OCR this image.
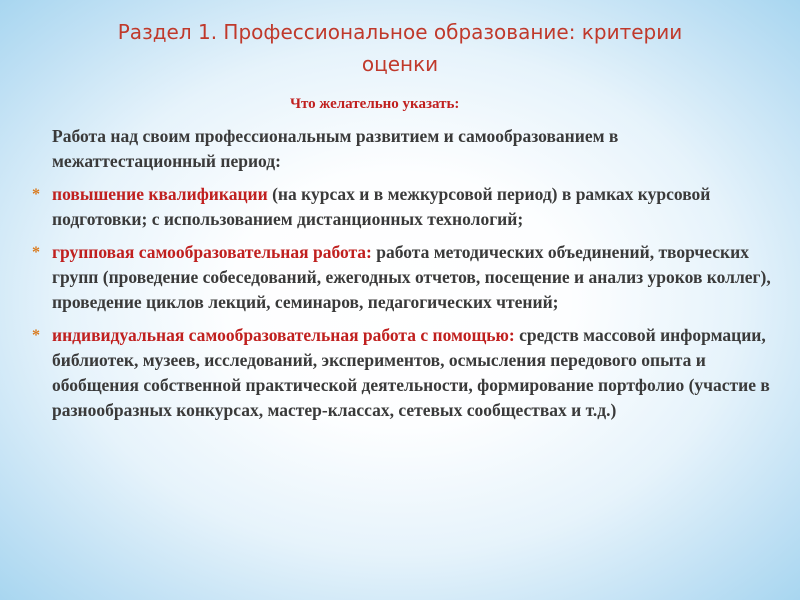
Раздел 1. Профессиональное образование: критерии
оценки
Что желательно указать:

Работа над своим профессиональным развитием и самообразованием в межаттестационный период:

* повышение квалификации (на курсах и в межкурсовой период) в рамках курсовой подготовки; с использованием дистанционных технологий;

* групповая самообразовательная работа: работа методических объединений, творческих групп (проведение собеседований, ежегодных отчетов, посещение и анализ уроков коллег), проведение циклов лекций, семинаров, педагогических чтений;

* индивидуальная самообразовательная работа с помощью: средств массовой информации, библиотек, музеев, исследований, экспериментов, осмысления передового опыта и обобщения собственной практической деятельности, формирование портфолио (участие в разнообразных конкурсах, мастер-классах, сетевых сообществах и т.д.)
